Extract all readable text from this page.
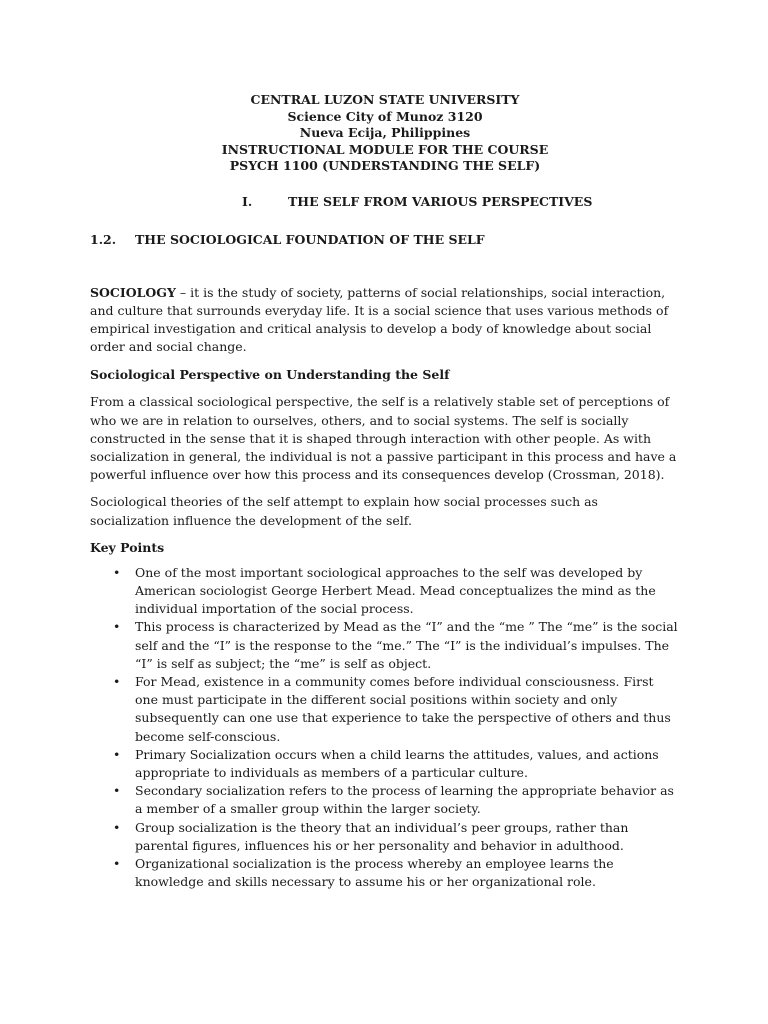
CENTRAL LUZON STATE UNIVERSITY
Science City of Munoz 3120
Nueva Ecija, Philippines
INSTRUCTIONAL MODULE FOR THE COURSE
PSYCH 1100 (UNDERSTANDING THE SELF)
I.	THE SELF FROM VARIOUS PERSPECTIVES
1.2. THE SOCIOLOGICAL FOUNDATION OF THE SELF

SOCIOLOGY – it is the study of society, patterns of social relationships, social interaction, and culture that surrounds everyday life. It is a social science that uses various methods of empirical investigation and critical analysis to develop a body of knowledge about social order and social change.

Sociological Perspective on Understanding the Self

From a classical sociological perspective, the self is a relatively stable set of perceptions of who we are in relation to ourselves, others, and to social systems. The self is socially constructed in the sense that it is shaped through interaction with other people. As with socialization in general, the individual is not a passive participant in this process and have a powerful influence over how this process and its consequences develop (Crossman, 2018).

Sociological theories of the self attempt to explain how social processes such as socialization influence the development of the self.

Key Points
• One of the most important sociological approaches to the self was developed by American sociologist George Herbert Mead. Mead conceptualizes the mind as the individual importation of the social process.
• This process is characterized by Mead as the “I” and the “me ” The “me” is the social self and the “I” is the response to the “me.” The “I” is the individual’s impulses. The “I” is self as subject; the “me” is self as object.
• For Mead, existence in a community comes before individual consciousness. First one must participate in the different social positions within society and only subsequently can one use that experience to take the perspective of others and thus become self-conscious.
• Primary Socialization occurs when a child learns the attitudes, values, and actions appropriate to individuals as members of a particular culture.
• Secondary socialization refers to the process of learning the appropriate behavior as a member of a smaller group within the larger society.
• Group socialization is the theory that an individual’s peer groups, rather than parental figures, influences his or her personality and behavior in adulthood.
• Organizational socialization is the process whereby an employee learns the knowledge and skills necessary to assume his or her organizational role.
